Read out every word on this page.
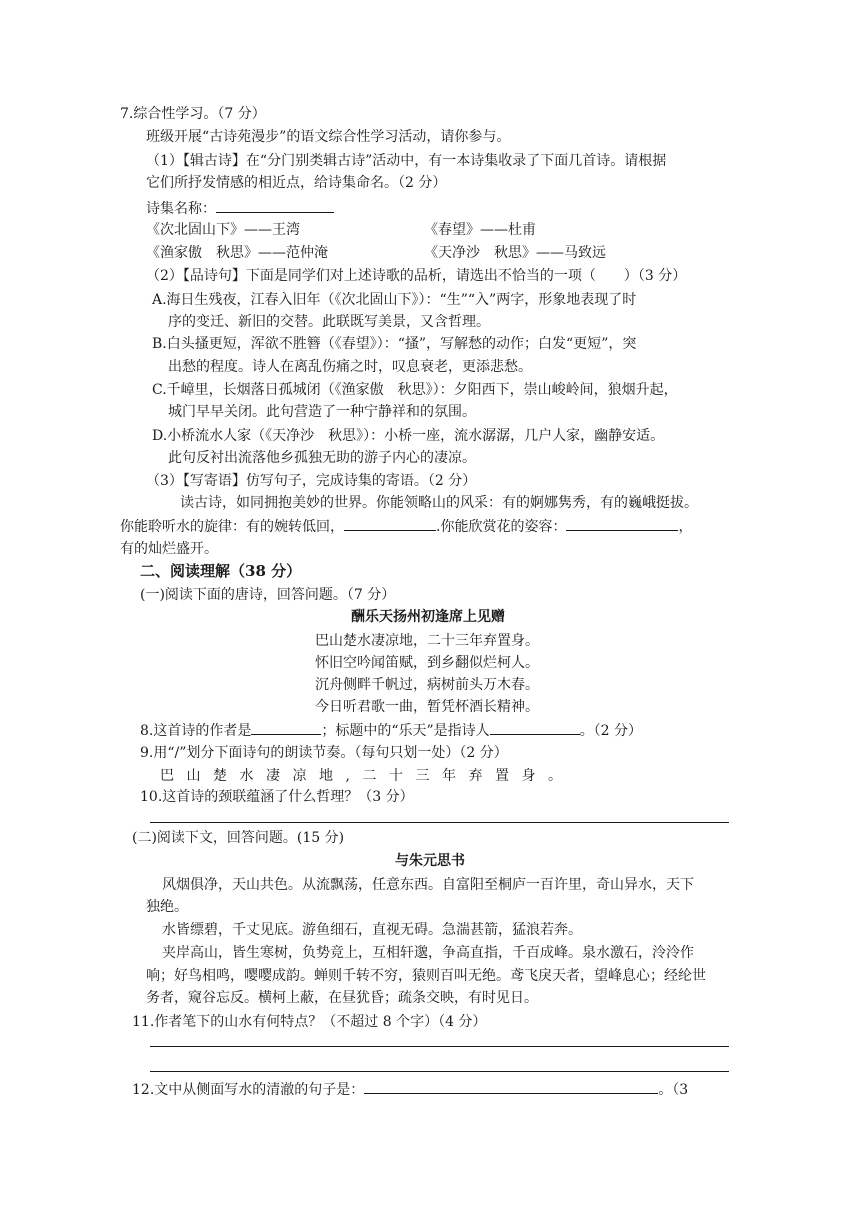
7.综合性学习。（7 分）
班级开展“古诗苑漫步”的语文综合性学习活动，请你参与。
（1）【辑古诗】在“分门别类辑古诗”活动中，有一本诗集收录了下面几首诗。请根据
它们所抒发情感的相近点，给诗集命名。（2 分）
诗集名称：
《次北固山下》——王湾	《春望》——杜甫
《渔家傲　秋思》——范仲淹	《天净沙　秋思》——马致远
（2）【品诗句】下面是同学们对上述诗歌的品析，请选出不恰当的一项（　　）（3 分）
A.海日生残夜，江春入旧年（《次北固山下》）：“生”“入”两字，形象地表现了时
序的变迁、新旧的交替。此联既写美景，又含哲理。
B.白头搔更短，浑欲不胜簪（《春望》）：“搔”，写解愁的动作；白发“更短”，突
出愁的程度。诗人在离乱伤痛之时，叹息衰老，更添悲愁。
C.千嶂里，长烟落日孤城闭（《渔家傲　秋思》）：夕阳西下，崇山峻岭间，狼烟升起，
城门早早关闭。此句营造了一种宁静祥和的氛围。
D.小桥流水人家（《天净沙　秋思》）：小桥一座，流水潺潺，几户人家，幽静安适。
此句反衬出流落他乡孤独无助的游子内心的凄凉。
（3）【写寄语】仿写句子，完成诗集的寄语。（2 分）
读古诗，如同拥抱美妙的世界。你能领略山的风采：有的婀娜隽秀，有的巍峨挺拔。
你能聆听水的旋律：有的婉转低回，	.你能欣赏花的姿容：	，
有的灿烂盛开。
二、阅读理解（38 分）
(一)阅读下面的唐诗，回答问题。（7 分）
酬乐天扬州初逢席上见赠
巴山楚水凄凉地，二十三年弃置身。
怀旧空吟闻笛赋，到乡翻似烂柯人。
沉舟侧畔千帆过，病树前头万木春。
今日听君歌一曲，暂凭杯酒长精神。
8.这首诗的作者是	；标题中的“乐天”是指诗人	。（2 分）
9.用“/”划分下面诗句的朗读节奏。（每句只划一处）（2 分）
巴山楚水凄凉地,二十三年弃置身。
10.这首诗的颈联蕴涵了什么哲理？（3 分）
(二)阅读下文，回答问题。(15 分)
与朱元思书
风烟俱净，天山共色。从流飘荡，任意东西。自富阳至桐庐一百许里，奇山异水，天下
独绝。
水皆缥碧，千丈见底。游鱼细石，直视无碍。急湍甚箭，猛浪若奔。
夹岸高山，皆生寒树，负势竞上，互相轩邈，争高直指，千百成峰。泉水激石，泠泠作
响；好鸟相鸣，嘤嘤成韵。蝉则千转不穷，猿则百叫无绝。鸢飞戾天者，望峰息心；经纶世
务者，窥谷忘反。横柯上蔽，在昼犹昏；疏条交映，有时见日。
11.作者笔下的山水有何特点？（不超过 8 个字）（4 分）
12.文中从侧面写水的清澈的句子是：	。（3
